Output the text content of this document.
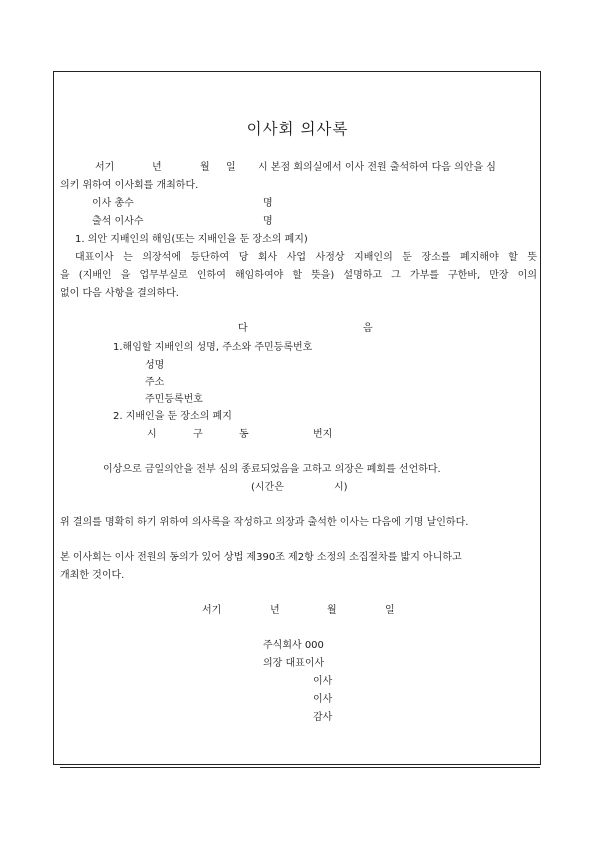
이사회 의사록
서기	년	월 일 시 본점 회의실에서 이사 전원 출석하여 다음 의안을 심
의키 위하여 이사회를 개최하다.
이사 총수	명
출석 이사수	명
1. 의안 지배인의 해임(또는 지배인을 둔 장소의 폐지)
대표이사 는 의장석에 등단하여 당 회사 사업 사정상 지배인의 둔 장소를 폐지해야 할 뜻
을 (지배인 을 업무부실로 인하여 해임하여야 할 뜻을) 설명하고 그 가부를 구한바, 만장 이의
없이 다음 사항을 결의하다.
다	음
1.해임할 지배인의 성명, 주소와 주민등록번호
성명
주소
주민등록번호
2. 지배인을 둔 장소의 폐지
시	구	동	번지
이상으로 금일의안을 전부 심의 종료되었음을 고하고 의장은 폐회를 선언하다.
(시간은	시)
위 결의를 명확히 하기 위하여 의사록을 작성하고 의장과 출석한 이사는 다음에 기명 날인하다.
본 이사회는 이사 전원의 동의가 있어 상법 제390조 제2항 소정의 소집절차를 밟지 아니하고
개최한 것이다.
서기	년	월	일
주식회사 000
의장 대표이사
이사
이사
감사
